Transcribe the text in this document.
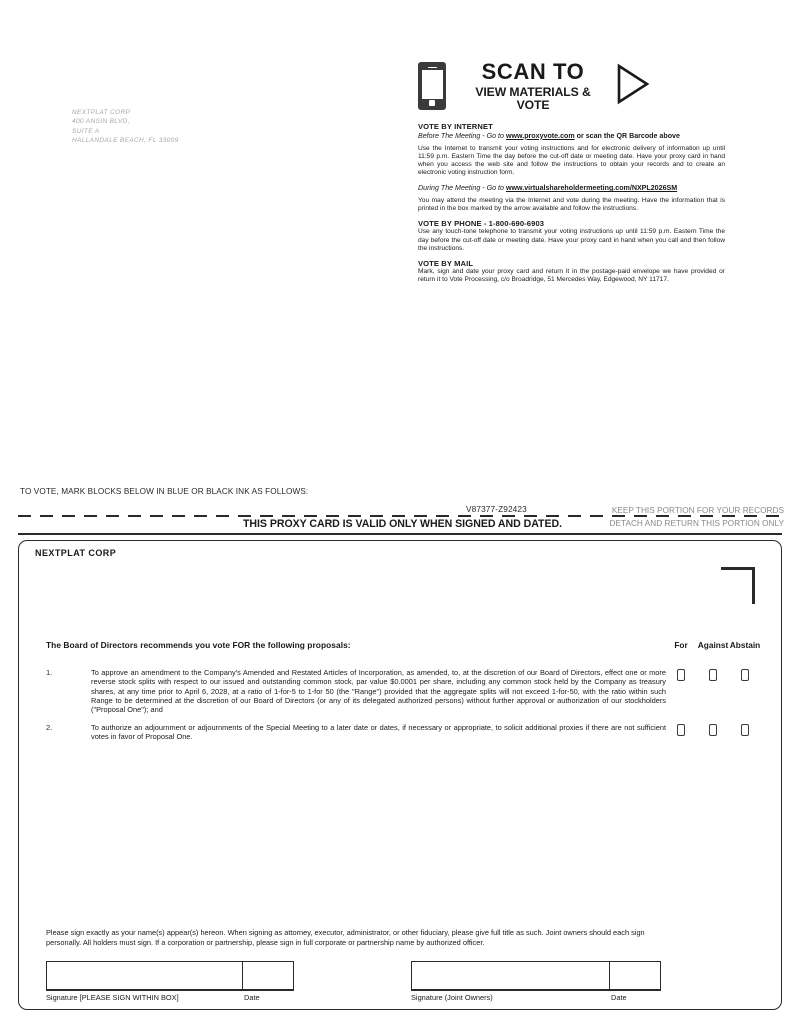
NEXTPLAT CORP
400 ANSIN BLVD,
SUITE A
HALLANDALE BEACH, FL 33009
SCAN TO
VIEW MATERIALS & VOTE
VOTE BY INTERNET
Before The Meeting - Go to www.proxyvote.com or scan the QR Barcode above
Use the Internet to transmit your voting instructions and for electronic delivery of information up until 11:59 p.m. Eastern Time the day before the cut-off date or meeting date. Have your proxy card in hand when you access the web site and follow the instructions to obtain your records and to create an electronic voting instruction form.
During The Meeting - Go to www.virtualshareholdermeeting.com/NXPL2026SM
You may attend the meeting via the Internet and vote during the meeting. Have the information that is printed in the box marked by the arrow available and follow the instructions.
VOTE BY PHONE - 1-800-690-6903
Use any touch-tone telephone to transmit your voting instructions up until 11:59 p.m. Eastern Time the day before the cut-off date or meeting date. Have your proxy card in hand when you call and then follow the instructions.
VOTE BY MAIL
Mark, sign and date your proxy card and return it in the postage-paid envelope we have provided or return it to Vote Processing, c/o Broadridge, 51 Mercedes Way, Edgewood, NY 11717.
TO VOTE, MARK BLOCKS BELOW IN BLUE OR BLACK INK AS FOLLOWS:
V87377-Z92423	KEEP THIS PORTION FOR YOUR RECORDS
DETACH AND RETURN THIS PORTION ONLY
THIS PROXY CARD IS VALID ONLY WHEN SIGNED AND DATED.
NEXTPLAT CORP
The Board of Directors recommends you vote FOR the following proposals:	For	Against Abstain
1.	To approve an amendment to the Company's Amended and Restated Articles of Incorporation, as amended, to, at the discretion of our Board of Directors, effect one or more reverse stock splits with respect to our issued and outstanding common stock, par value $0.0001 per share, including any common stock held by the Company as treasury shares, at any time prior to April 6, 2028, at a ratio of 1-for-5 to 1-for 50 (the "Range") provided that the aggregate splits will not exceed 1-for-50, with the ratio within such Range to be determined at the discretion of our Board of Directors (or any of its delegated authorized persons) without further approval or authorization of our stockholders ("Proposal One"); and
2.	To authorize an adjournment or adjournments of the Special Meeting to a later date or dates, if necessary or appropriate, to solicit additional proxies if there are not sufficient votes in favor of Proposal One.
Please sign exactly as your name(s) appear(s) hereon. When signing as attorney, executor, administrator, or other fiduciary, please give full title as such. Joint owners should each sign personally. All holders must sign. If a corporation or partnership, please sign in full corporate or partnership name by authorized officer.
Signature [PLEASE SIGN WITHIN BOX]	Date	Signature (Joint Owners)	Date
